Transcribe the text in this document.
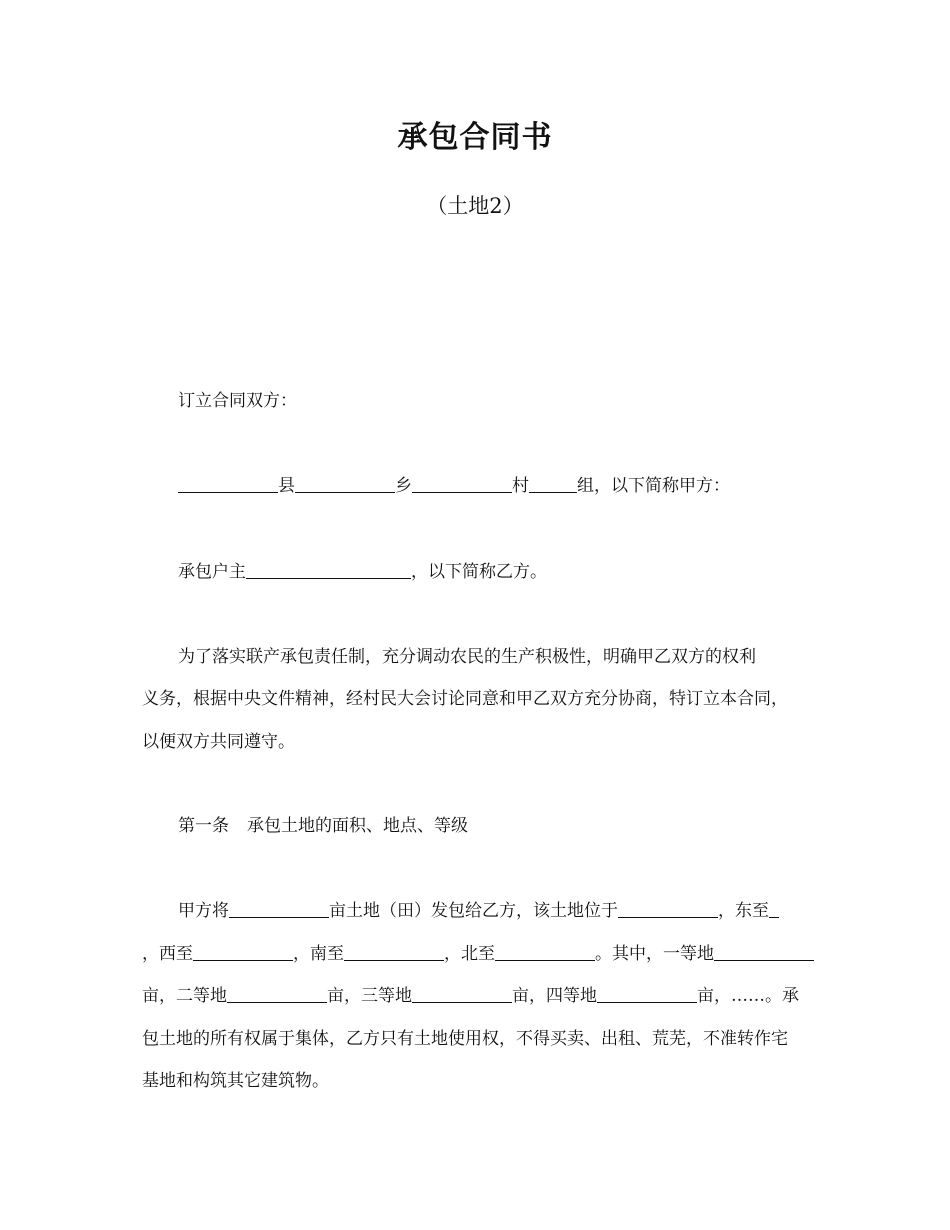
承包合同书
（土地2）
订立合同双方：
县	乡	村	组，以下简称甲方：
承包户主	，以下简称乙方。
为了落实联产承包责任制，充分调动农民的生产积极性，明确甲乙双方的权利
义务，根据中央文件精神，经村民大会讨论同意和甲乙双方充分协商，特订立本合同，
以便双方共同遵守。
第一条 承包土地的面积、地点、等级
甲方将	亩土地（田）发包给乙方，该土地位于	，东至
，西至	，南至	，北至	。其中，一等地
亩，二等地	亩，三等地	亩，四等地	亩，……。承
包土地的所有权属于集体，乙方只有土地使用权，不得买卖、出租、荒芜，不准转作宅
基地和构筑其它建筑物。
